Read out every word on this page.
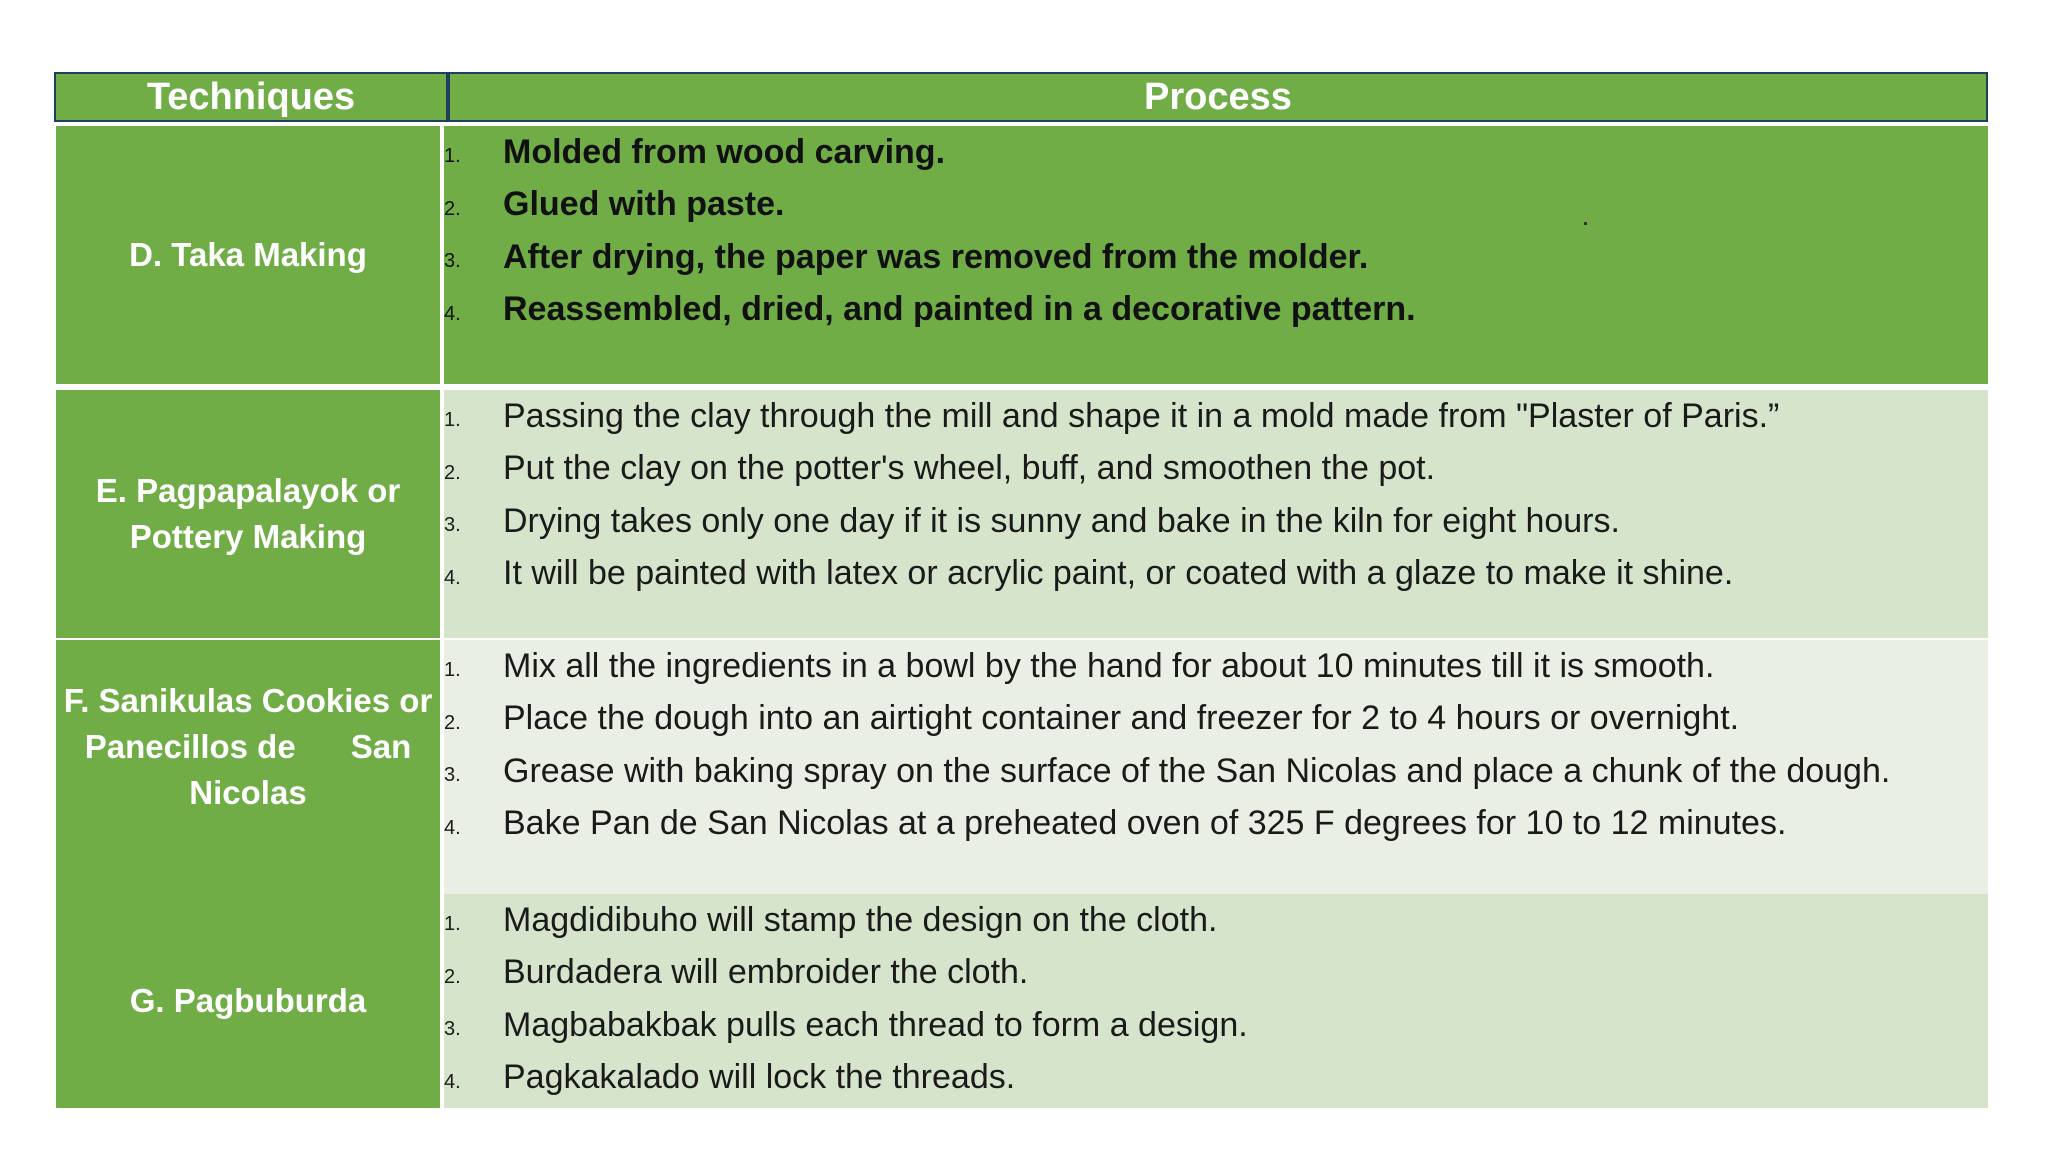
Techniques	Process
D. Taka Making
1.	Molded from wood carving.
2.	Glued with paste.
3.	After drying, the paper was removed from the molder.
4.	Reassembled, dried, and painted in a decorative pattern.
E. Pagpapalayok or
Pottery Making
1.	Passing the clay through the mill and shape it in a mold made from "Plaster of Paris.”
2.	Put the clay on the potter's wheel, buff, and smoothen the pot.
3.	Drying takes only one day if it is sunny and bake in the kiln for eight hours.
4.	It will be painted with latex or acrylic paint, or coated with a glaze to make it shine.
F. Sanikulas Cookies or
Panecillos de      San
Nicolas
1.	Mix all the ingredients in a bowl by the hand for about 10 minutes till it is smooth.
2.	Place the dough into an airtight container and freezer for 2 to 4 hours or overnight.
3.	Grease with baking spray on the surface of the San Nicolas and place a chunk of the dough.
4.	Bake Pan de San Nicolas at a preheated oven of 325 F degrees for 10 to 12 minutes.
G. Pagbuburda
1.	Magdidibuho will stamp the design on the cloth.
2.	Burdadera will embroider the cloth.
3.	Magbabakbak pulls each thread to form a design.
4.	Pagkakalado will lock the threads.
